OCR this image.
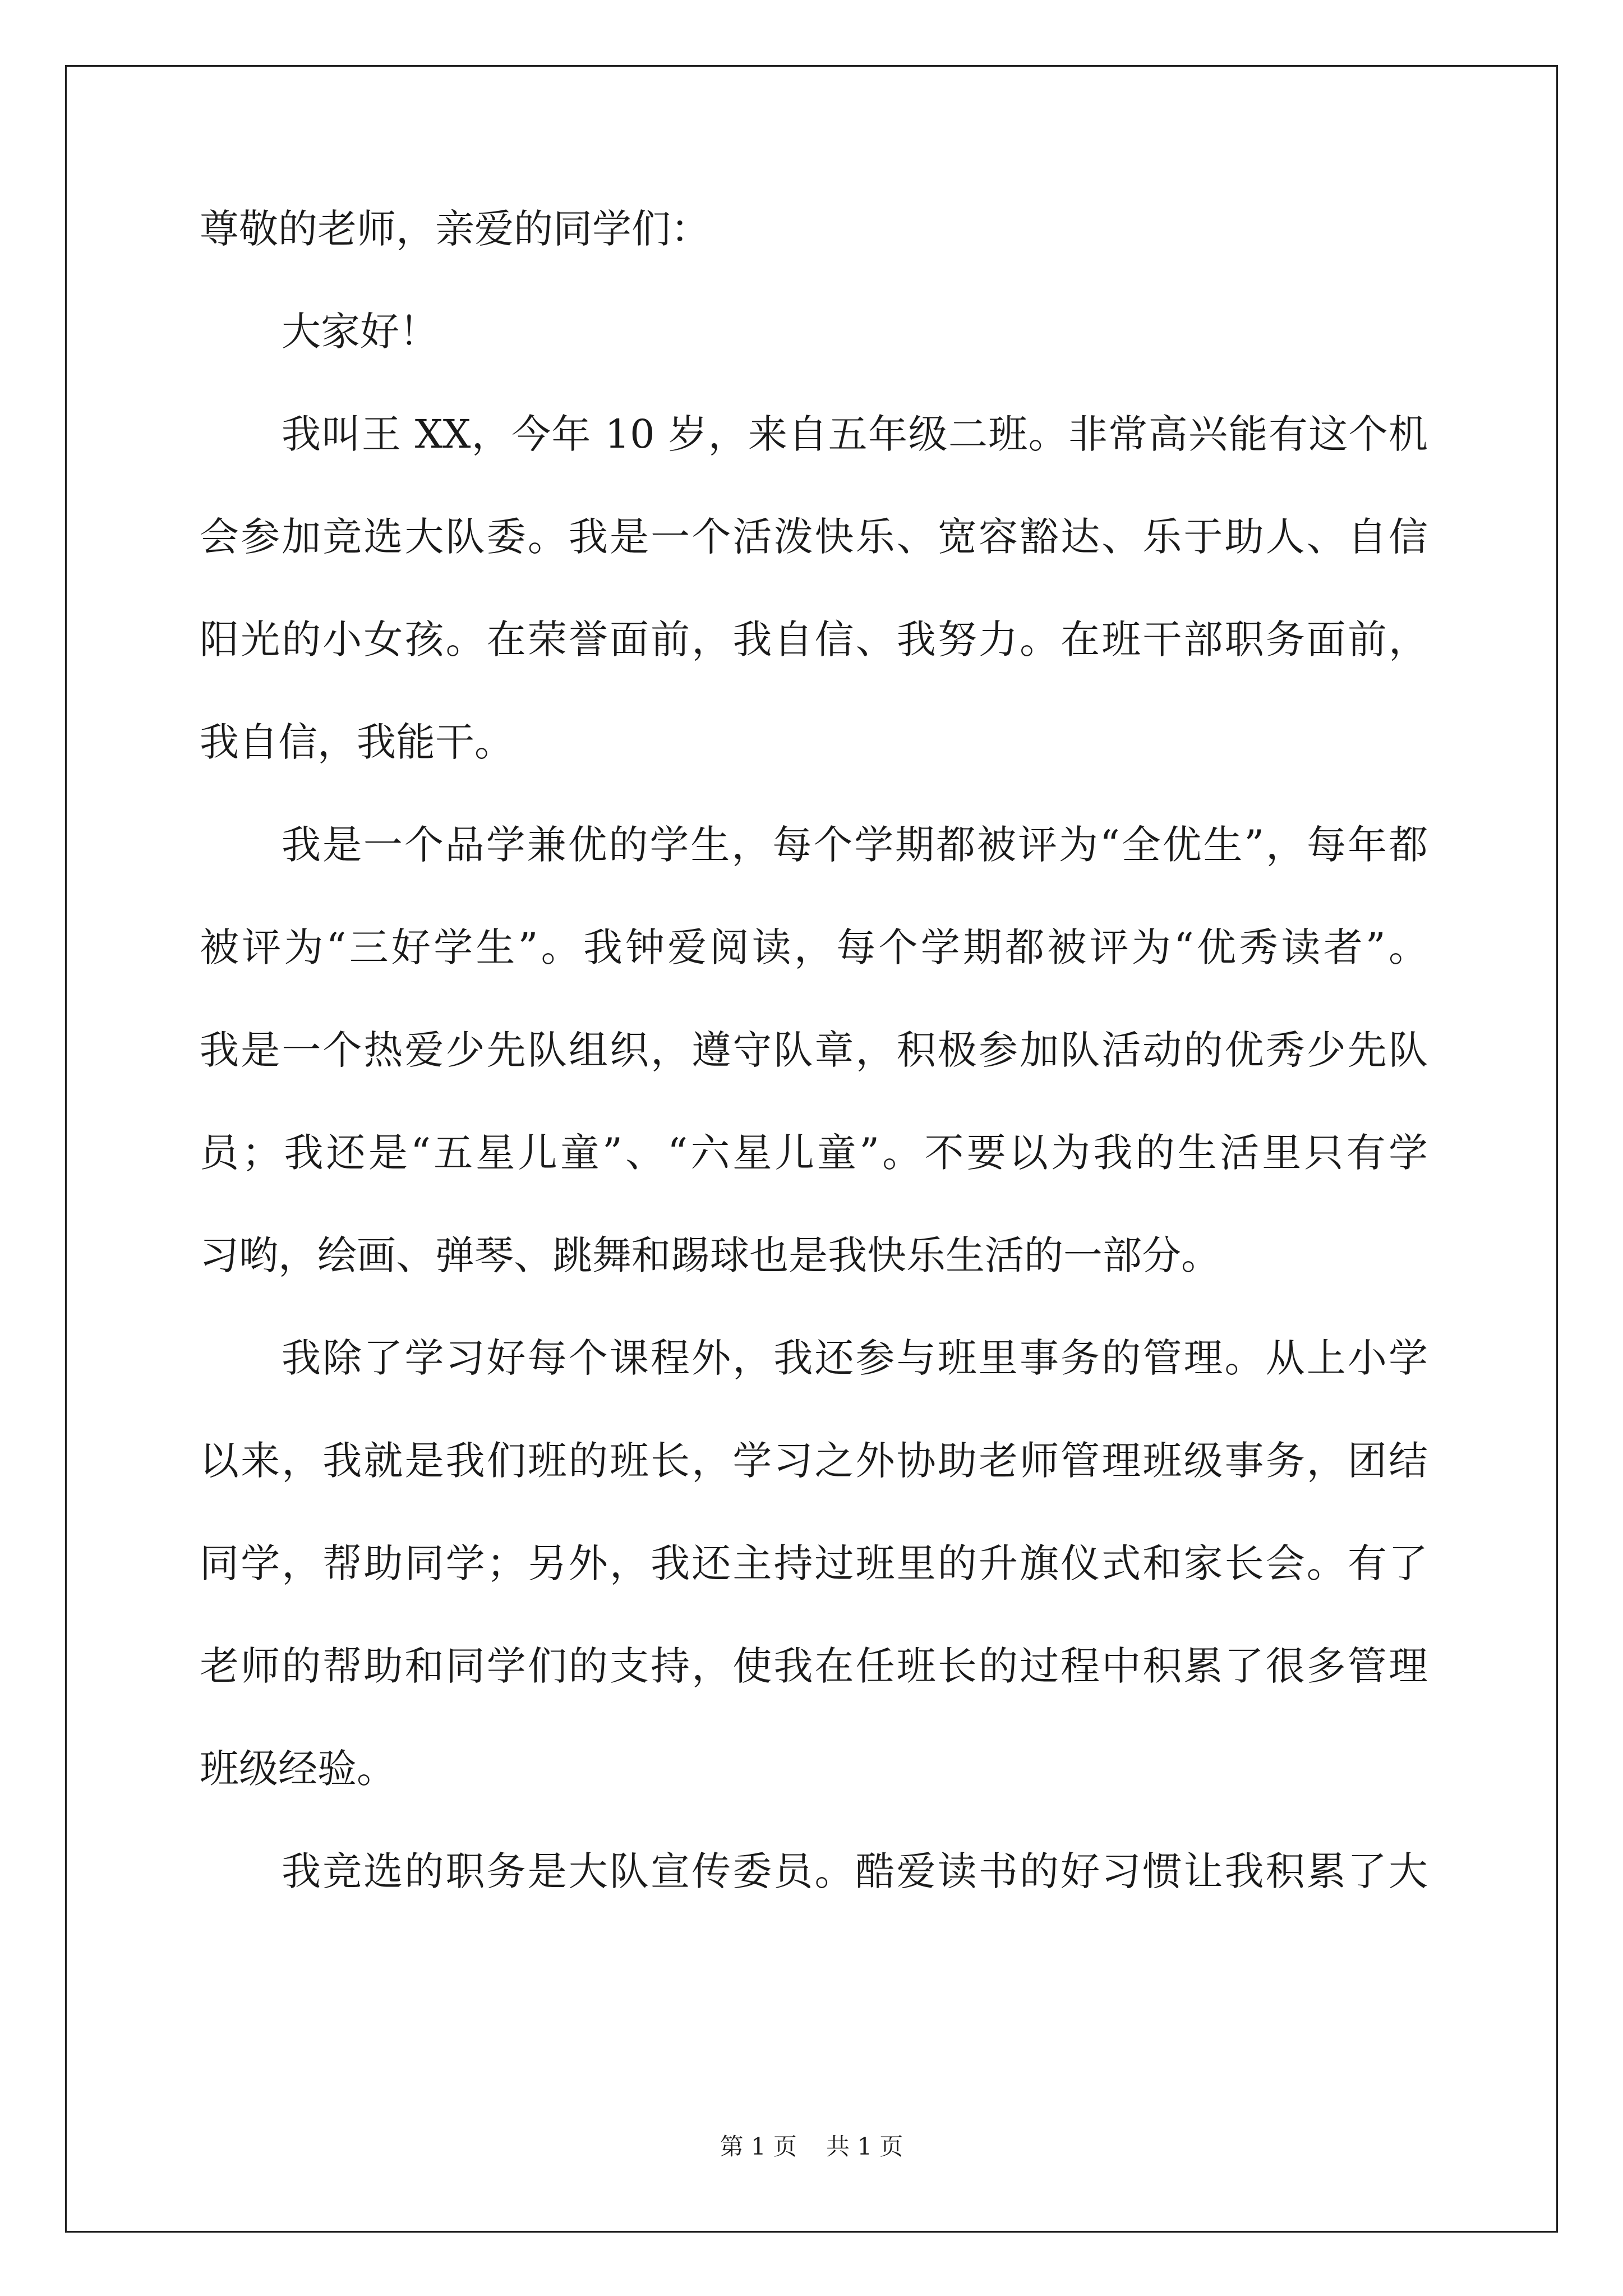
尊敬的老师，亲爱的同学们：
大家好！
我叫王 XX，今年 10 岁，来自五年级二班。非常高兴能有这个机
会参加竞选大队委。我是一个活泼快乐、宽容豁达、乐于助人、自信
阳光的小女孩。在荣誉面前，我自信、我努力。在班干部职务面前，
我自信，我能干。
我是一个品学兼优的学生，每个学期都被评为“全优生”，每年都
被评为“三好学生”。我钟爱阅读，每个学期都被评为“优秀读者”。
我是一个热爱少先队组织，遵守队章，积极参加队活动的优秀少先队
员；我还是“五星儿童”、“六星儿童”。不要以为我的生活里只有学
习哟，绘画、弹琴、跳舞和踢球也是我快乐生活的一部分。
我除了学习好每个课程外，我还参与班里事务的管理。从上小学
以来，我就是我们班的班长，学习之外协助老师管理班级事务，团结
同学，帮助同学；另外，我还主持过班里的升旗仪式和家长会。有了
老师的帮助和同学们的支持，使我在任班长的过程中积累了很多管理
班级经验。
我竞选的职务是大队宣传委员。酷爱读书的好习惯让我积累了大
第 1 页 共 1 页
